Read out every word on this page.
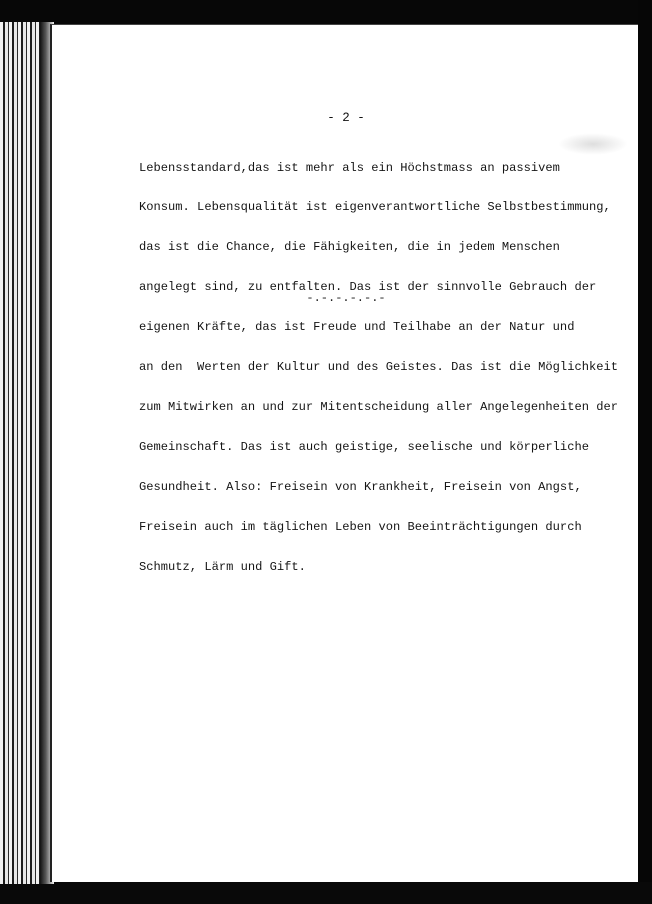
- 2 -

Lebensstandard,das ist mehr als ein Höchstmass an passivem

Konsum. Lebensqualität ist eigenverantwortliche Selbstbestimmung,

das ist die Chance, die Fähigkeiten, die in jedem Menschen

angelegt sind, zu entfalten. Das ist der sinnvolle Gebrauch der

eigenen Kräfte, das ist Freude und Teilhabe an der Natur und

an den  Werten der Kultur und des Geistes. Das ist die Möglichkeit

zum Mitwirken an und zur Mitentscheidung aller Angelegenheiten der

Gemeinschaft. Das ist auch geistige, seelische und körperliche

Gesundheit. Also: Freisein von Krankheit, Freisein von Angst,

Freisein auch im täglichen Leben von Beeinträchtigungen durch

Schmutz, Lärm und Gift.

-.-.-.-.-.-
